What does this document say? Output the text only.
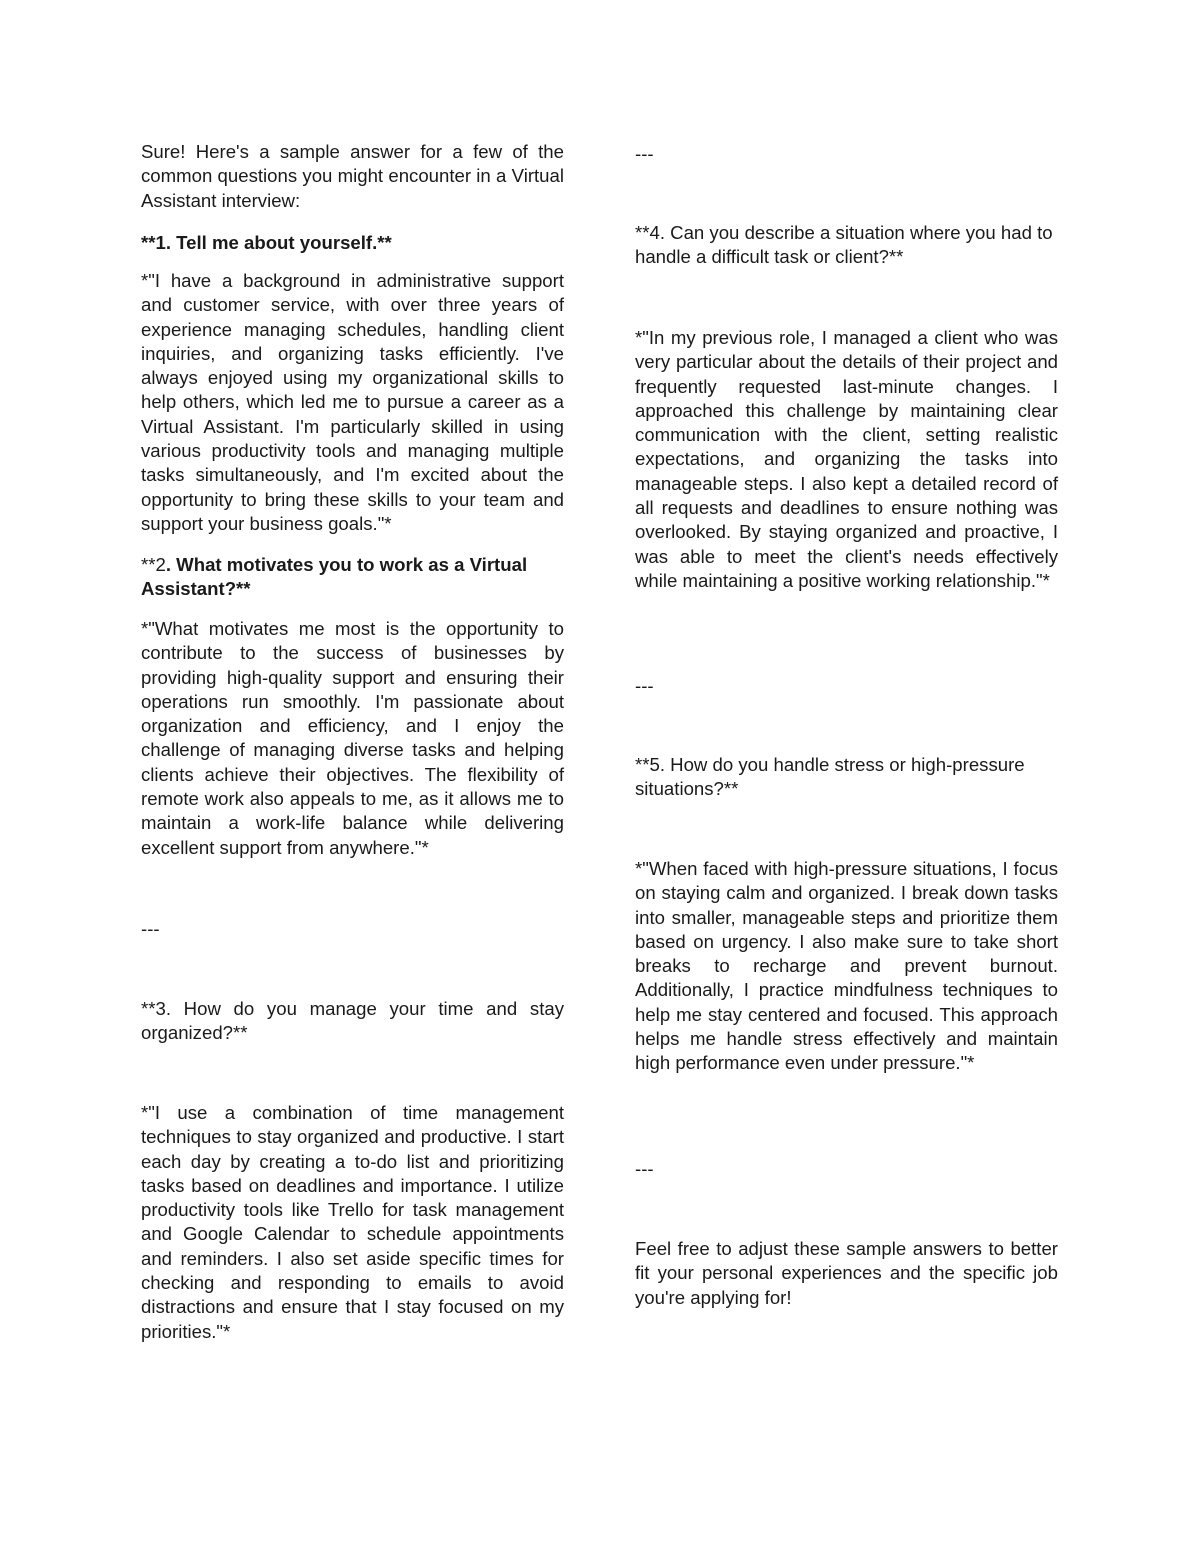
Sure! Here's a sample answer for a few of the common questions you might encounter in a Virtual Assistant interview:

**1. Tell me about yourself.**

*"I have a background in administrative support and customer service, with over three years of experience managing schedules, handling client inquiries, and organizing tasks efficiently. I've always enjoyed using my organizational skills to help others, which led me to pursue a career as a Virtual Assistant. I'm particularly skilled in using various productivity tools and managing multiple tasks simultaneously, and I'm excited about the opportunity to bring these skills to your team and support your business goals."*

**2. What motivates you to work as a Virtual Assistant?**

*"What motivates me most is the opportunity to contribute to the success of businesses by providing high-quality support and ensuring their operations run smoothly. I'm passionate about organization and efficiency, and I enjoy the challenge of managing diverse tasks and helping clients achieve their objectives. The flexibility of remote work also appeals to me, as it allows me to maintain a work-life balance while delivering excellent support from anywhere."*

---

**3. How do you manage your time and stay organized?**

*"I use a combination of time management techniques to stay organized and productive. I start each day by creating a to-do list and prioritizing tasks based on deadlines and importance. I utilize productivity tools like Trello for task management and Google Calendar to schedule appointments and reminders. I also set aside specific times for checking and responding to emails to avoid distractions and ensure that I stay focused on my priorities."*

---

**4. Can you describe a situation where you had to handle a difficult task or client?**

*"In my previous role, I managed a client who was very particular about the details of their project and frequently requested last-minute changes. I approached this challenge by maintaining clear communication with the client, setting realistic expectations, and organizing the tasks into manageable steps. I also kept a detailed record of all requests and deadlines to ensure nothing was overlooked. By staying organized and proactive, I was able to meet the client's needs effectively while maintaining a positive working relationship."*

---

**5. How do you handle stress or high-pressure situations?**

*"When faced with high-pressure situations, I focus on staying calm and organized. I break down tasks into smaller, manageable steps and prioritize them based on urgency. I also make sure to take short breaks to recharge and prevent burnout. Additionally, I practice mindfulness techniques to help me stay centered and focused. This approach helps me handle stress effectively and maintain high performance even under pressure."*

---

Feel free to adjust these sample answers to better fit your personal experiences and the specific job you're applying for!
